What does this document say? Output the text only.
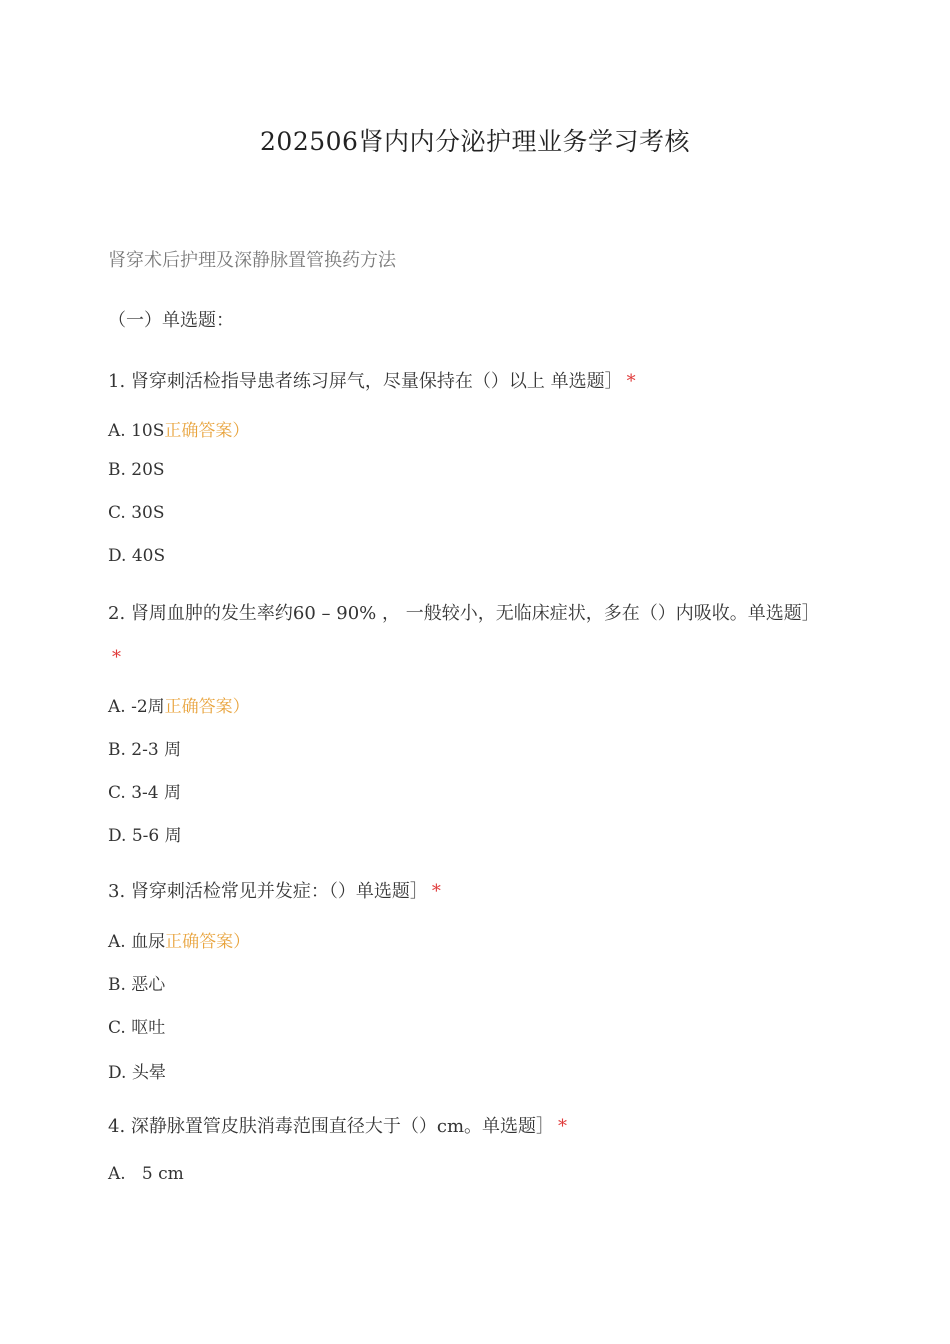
202506肾内内分泌护理业务学习考核
肾穿术后护理及深静脉置管换药方法
（一）单选题：
1. 肾穿刺活检指导患者练习屏气，尽量保持在（）以上 单选题］ *
A. 10S正确答案）
B. 20S
C. 30S
D. 40S
2. 肾周血肿的发生率约60 – 90% ， 一般较小，无临床症状，多在（）内吸收。单选题］*
A. -2周正确答案）
B. 2-3 周
C. 3-4 周
D. 5-6 周
3. 肾穿刺活检常见并发症：（）单选题］ *
A. 血尿正确答案）
B. 恶心
C. 呕吐
D. 头晕
4. 深静脉置管皮肤消毒范围直径大于（）cm。单选题］ *
A.   5 cm
